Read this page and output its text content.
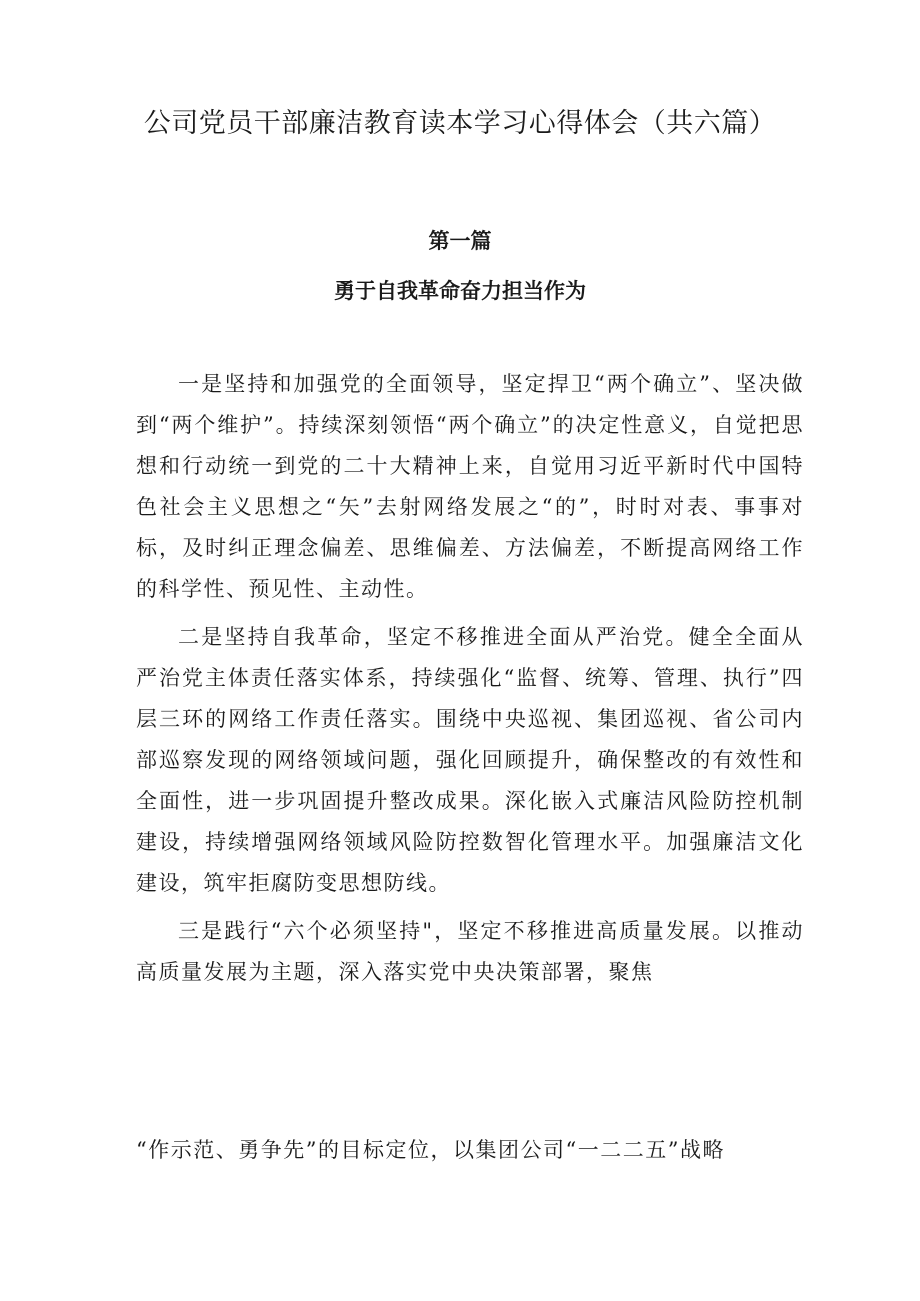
公司党员干部廉洁教育读本学习心得体会（共六篇）
第一篇
勇于自我革命奋力担当作为

一是坚持和加强党的全面领导，坚定捍卫“两个确立”、坚决做到“两个维护”。持续深刻领悟“两个确立”的决定性意义，自觉把思想和行动统一到党的二十大精神上来，自觉用习近平新时代中国特色社会主义思想之“矢”去射网络发展之“的”，时时对表、事事对标，及时纠正理念偏差、思维偏差、方法偏差，不断提高网络工作的科学性、预见性、主动性。

二是坚持自我革命，坚定不移推进全面从严治党。健全全面从严治党主体责任落实体系，持续强化“监督、统筹、管理、执行”四层三环的网络工作责任落实。围绕中央巡视、集团巡视、省公司内部巡察发现的网络领域问题，强化回顾提升，确保整改的有效性和全面性，进一步巩固提升整改成果。深化嵌入式廉洁风险防控机制建设，持续增强网络领域风险防控数智化管理水平。加强廉洁文化建设，筑牢拒腐防变思想防线。

三是践行“六个必须坚持"，坚定不移推进高质量发展。以推动高质量发展为主题，深入落实党中央决策部署，聚焦

“作示范、勇争先”的目标定位，以集团公司“一二二五”战略
